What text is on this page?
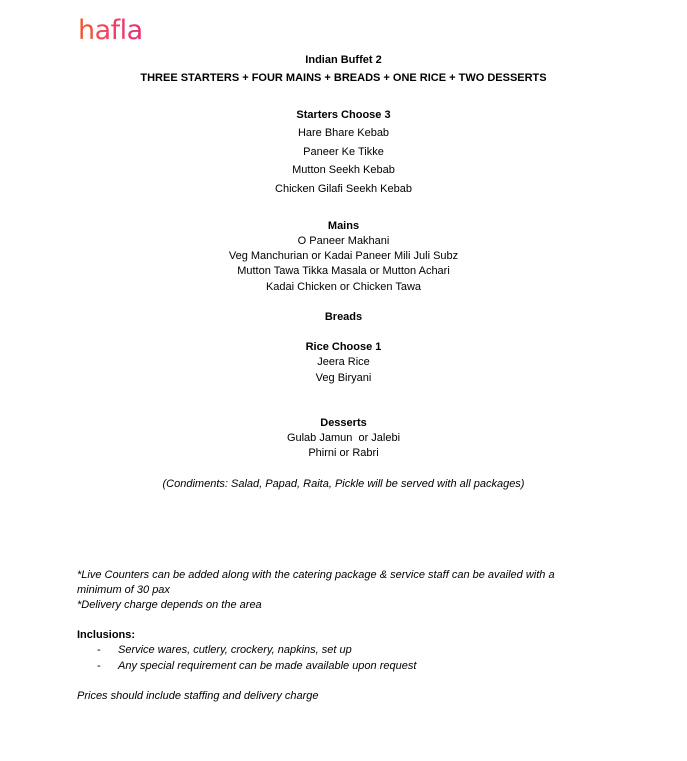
hafla
Indian Buffet 2
THREE STARTERS + FOUR MAINS + BREADS + ONE RICE + TWO DESSERTS
Starters Choose 3
Hare Bhare Kebab
Paneer Ke Tikke
Mutton Seekh Kebab
Chicken Gilafi Seekh Kebab
Mains
O Paneer Makhani
Veg Manchurian or Kadai Paneer Mili Juli Subz
Mutton Tawa Tikka Masala or Mutton Achari
Kadai Chicken or Chicken Tawa
Breads
Rice Choose 1
Jeera Rice
Veg Biryani
Desserts
Gulab Jamun  or Jalebi
Phirni or Rabri
(Condiments: Salad, Papad, Raita, Pickle will be served with all packages)
*Live Counters can be added along with the catering package & service staff can be availed with a
minimum of 30 pax
*Delivery charge depends on the area
Inclusions:
- Service wares, cutlery, crockery, napkins, set up
- Any special requirement can be made available upon request
Prices should include staffing and delivery charge
